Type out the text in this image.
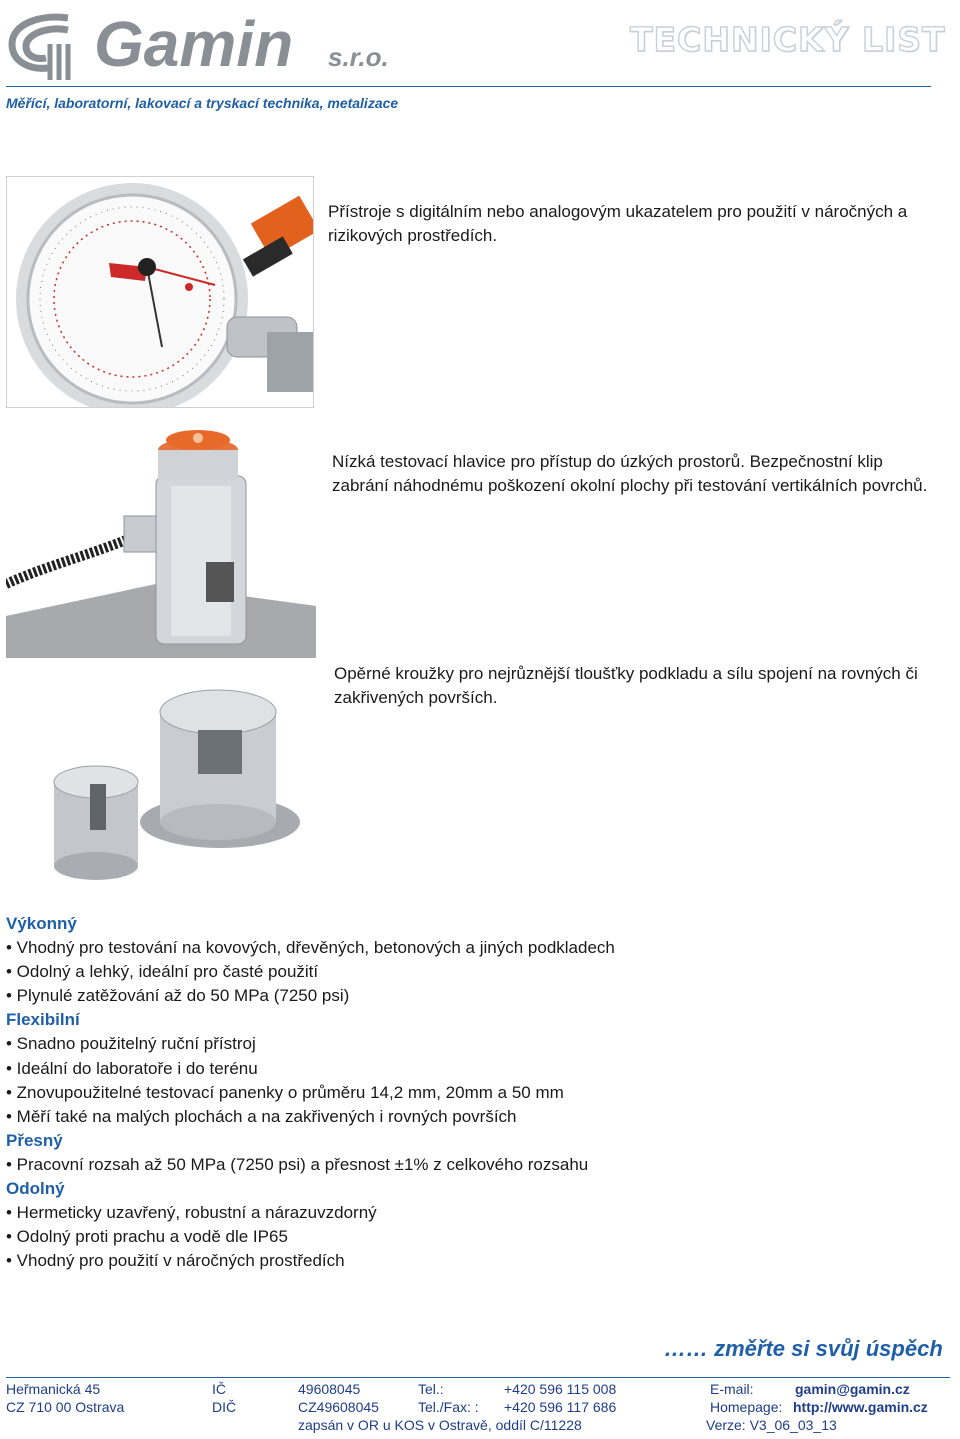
Gamin s.r.o.	TECHNICKÝ LIST
Měřící, laboratorní, lakovací a tryskací technika, metalizace
Přístroje s digitálním nebo analogovým ukazatelem pro použití v náročných a rizikových prostředích.
Nízká testovací hlavice pro přístup do úzkých prostorů. Bezpečnostní klip zabrání náhodnému poškození okolní plochy při testování vertikálních povrchů.
Opěrné kroužky pro nejrůznější tloušťky podkladu a sílu spojení na rovných či zakřivených površích.
Výkonný
• Vhodný pro testování na kovových, dřevěných, betonových a jiných podkladech
• Odolný a lehký, ideální pro časté použití
• Plynulé zatěžování až do 50 MPa (7250 psi)
Flexibilní
• Snadno použitelný ruční přístroj
• Ideální do laboratoře i do terénu
• Znovupoužitelné testovací panenky o průměru 14,2 mm, 20mm a 50 mm
• Měří také na malých plochách a na zakřivených i rovných površích
Přesný
• Pracovní rozsah až 50 MPa (7250 psi) a přesnost ±1% z celkového rozsahu
Odolný
• Hermeticky uzavřený, robustní a nárazuvzdorný
• Odolný proti prachu a vodě dle IP65
• Vhodný pro použití v náročných prostředích
…… změřte si svůj úspěch
Heřmanická 45
CZ 710 00 Ostrava
IČ
DIČ
49608045
CZ49608045
Tel.:
Tel./Fax: :
+420 596 115 008
+420 596 117 686
E-mail:
Homepage:
gamin@gamin.cz
http://www.gamin.cz
zapsán v OR u KOS v Ostravě, oddíl C/11228	Verze: V3_06_03_13
